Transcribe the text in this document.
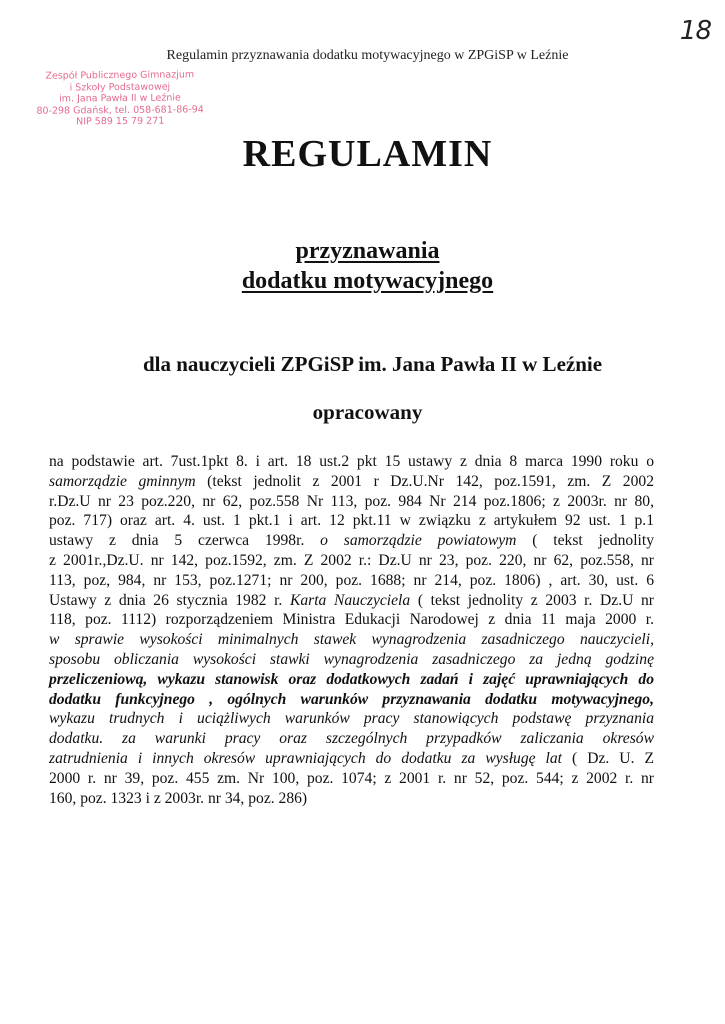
18
Regulamin przyznawania dodatku motywacyjnego w ZPGiSP w Leźnie
Zespół Publicznego Gimnazjum
i Szkoły Podstawowej
im. Jana Pawła II w Leźnie
80-298 Gdańsk, tel. 058-681-86-94
NIP 589 15 79 271
REGULAMIN
przyznawania
dodatku motywacyjnego
dla nauczycieli ZPGiSP im. Jana Pawła II w Leźnie
opracowany
na podstawie art. 7ust.1pkt 8. i art. 18 ust.2 pkt 15 ustawy z dnia 8 marca 1990 roku o
samorządzie gminnym (tekst jednolit z 2001 r Dz.U.Nr 142, poz.1591, zm. Z 2002
r.Dz.U nr 23 poz.220, nr 62, poz.558 Nr 113, poz. 984 Nr 214 poz.1806; z 2003r. nr 80,
poz. 717) oraz art. 4. ust. 1 pkt.1 i art. 12 pkt.11 w związku z artykułem 92 ust. 1 p.1
ustawy z dnia 5 czerwca 1998r. o samorządzie powiatowym ( tekst jednolity
z 2001r.,Dz.U. nr 142, poz.1592, zm. Z 2002 r.: Dz.U nr 23, poz. 220, nr 62, poz.558, nr
113, poz, 984, nr 153, poz.1271; nr 200, poz. 1688; nr 214, poz. 1806) , art. 30, ust. 6
Ustawy z dnia 26 stycznia 1982 r. Karta Nauczyciela ( tekst jednolity z 2003 r. Dz.U nr
118, poz. 1112) rozporządzeniem Ministra Edukacji Narodowej z dnia 11 maja 2000 r.
w sprawie wysokości minimalnych stawek wynagrodzenia zasadniczego nauczycieli,
sposobu obliczania wysokości stawki wynagrodzenia zasadniczego za jedną godzinę
przeliczeniową, wykazu stanowisk oraz dodatkowych zadań i zajęć uprawniających do
dodatku funkcyjnego , ogólnych warunków przyznawania dodatku motywacyjnego,
wykazu trudnych i uciążliwych warunków pracy stanowiących podstawę przyznania
dodatku. za warunki pracy oraz szczególnych przypadków zaliczania okresów
zatrudnienia i innych okresów uprawniających do dodatku za wysługę lat ( Dz. U. Z
2000 r. nr 39, poz. 455 zm. Nr 100, poz. 1074; z 2001 r. nr 52, poz. 544; z 2002 r. nr
160, poz. 1323 i z 2003r. nr 34, poz. 286)
